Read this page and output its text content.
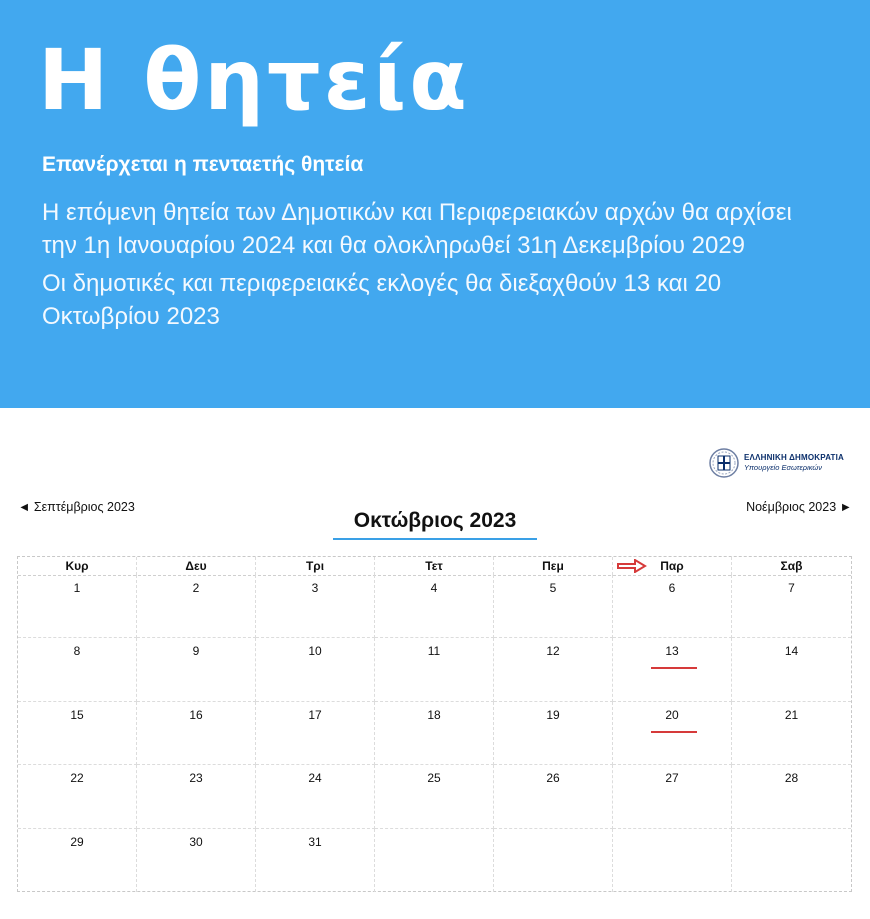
Η θητεία

Επανέρχεται η πενταετής θητεία

Η επόμενη θητεία των Δημοτικών και Περιφερειακών αρχών θα αρχίσει την 1η Ιανουαρίου 2024 και θα ολοκληρωθεί 31η Δεκεμβρίου 2029

Οι δημοτικές και περιφερειακές εκλογές θα διεξαχθούν 13 και 20 Οκτωβρίου 2023

ΕΛΛΗΝΙΚΗ ΔΗΜΟΚΡΑΤΙΑ
Υπουργείο Εσωτερικών
◄ Σεπτέμβριος 2023	Νοέμβριος 2023 ►
Οκτώβριος 2023
Κυρ	Δευ	Τρι	Τετ	Πεμ	Παρ	Σαβ
1	2	3	4	5	6	7
8	9	10	11	12	13	14
15	16	17	18	19	20	21
22	23	24	25	26	27	28
29	30	31
